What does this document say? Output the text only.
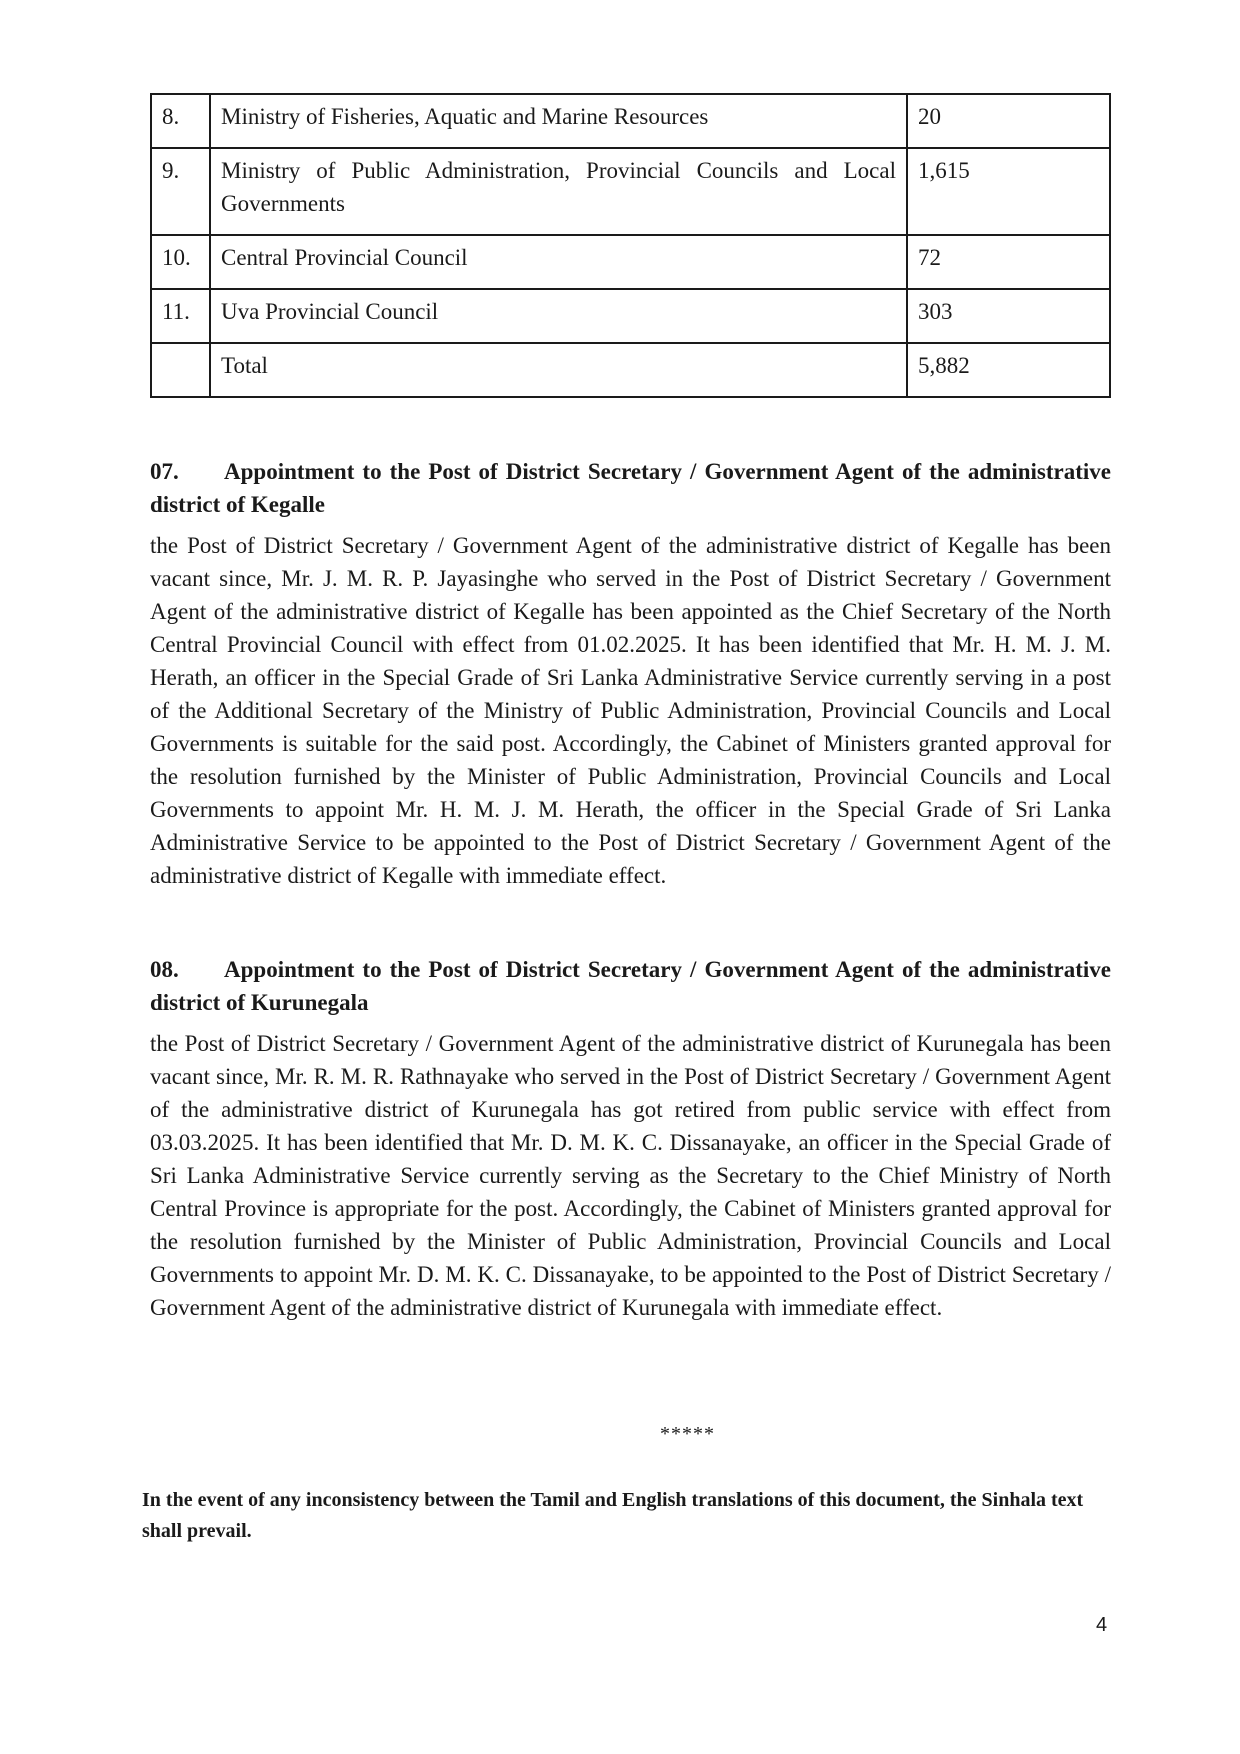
8.	Ministry of Fisheries, Aquatic and Marine Resources	20
9.	Ministry of Public Administration, Provincial Councils and Local Governments	1,615
10.	Central Provincial Council	72
11.	Uva Provincial Council	303
	Total	5,882

07. Appointment to the Post of District Secretary / Government Agent of the administrative district of Kegalle

the Post of District Secretary / Government Agent of the administrative district of Kegalle has been vacant since, Mr. J. M. R. P. Jayasinghe who served in the Post of District Secretary / Government Agent of the administrative district of Kegalle has been appointed as the Chief Secretary of the North Central Provincial Council with effect from 01.02.2025. It has been identified that Mr. H. M. J. M. Herath, an officer in the Special Grade of Sri Lanka Administrative Service currently serving in a post of the Additional Secretary of the Ministry of Public Administration, Provincial Councils and Local Governments is suitable for the said post. Accordingly, the Cabinet of Ministers granted approval for the resolution furnished by the Minister of Public Administration, Provincial Councils and Local Governments to appoint Mr. H. M. J. M. Herath, the officer in the Special Grade of Sri Lanka Administrative Service to be appointed to the Post of District Secretary / Government Agent of the administrative district of Kegalle with immediate effect.

08. Appointment to the Post of District Secretary / Government Agent of the administrative district of Kurunegala

the Post of District Secretary / Government Agent of the administrative district of Kurunegala has been vacant since, Mr. R. M. R. Rathnayake who served in the Post of District Secretary / Government Agent of the administrative district of Kurunegala has got retired from public service with effect from 03.03.2025. It has been identified that Mr. D. M. K. C. Dissanayake, an officer in the Special Grade of Sri Lanka Administrative Service currently serving as the Secretary to the Chief Ministry of North Central Province is appropriate for the post. Accordingly, the Cabinet of Ministers granted approval for the resolution furnished by the Minister of Public Administration, Provincial Councils and Local Governments to appoint Mr. D. M. K. C. Dissanayake, to be appointed to the Post of District Secretary / Government Agent of the administrative district of Kurunegala with immediate effect.

*****
In the event of any inconsistency between the Tamil and English translations of this document, the Sinhala text shall prevail.
4
